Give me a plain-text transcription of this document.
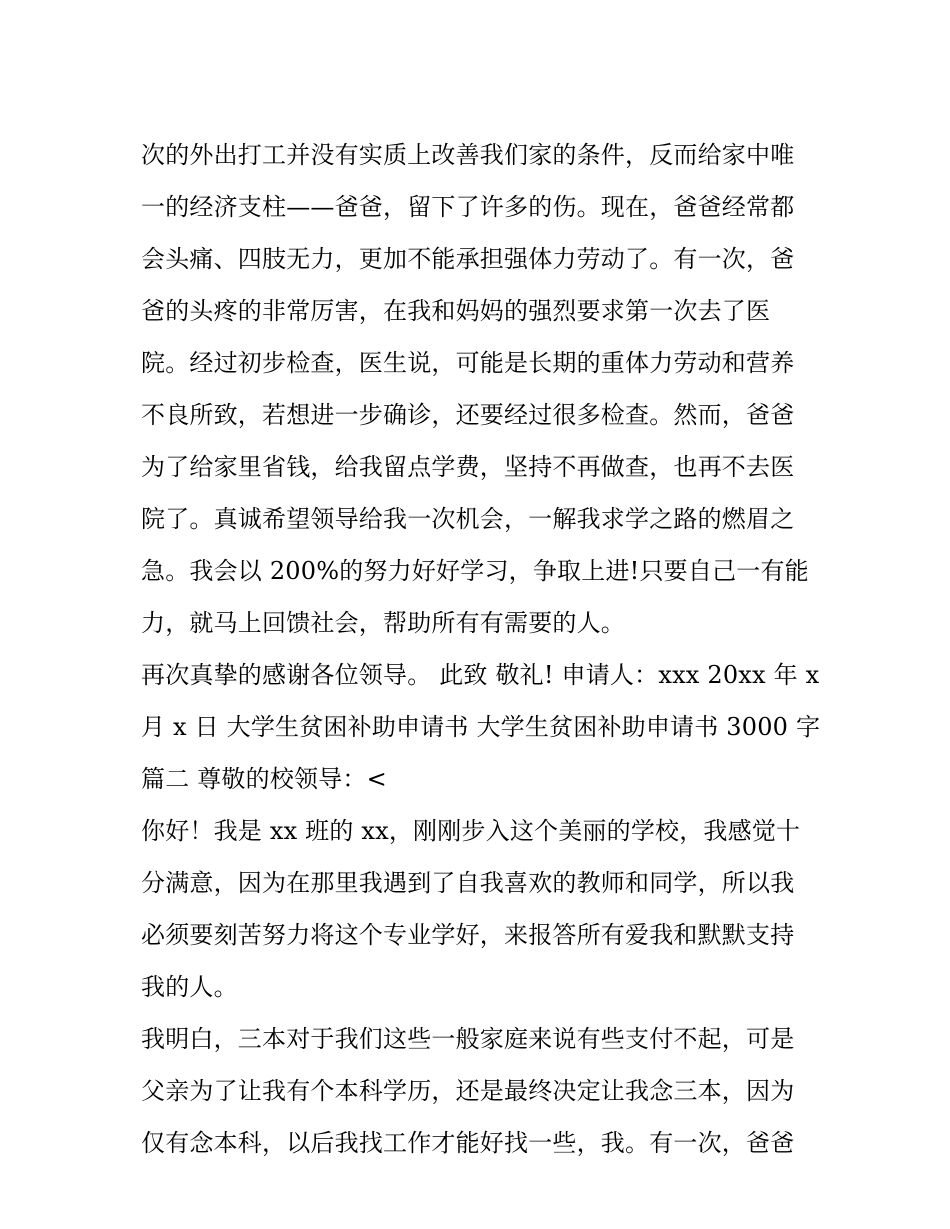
次的外出打工并没有实质上改善我们家的条件，反而给家中唯
一的经济支柱——爸爸，留下了许多的伤。现在，爸爸经常都
会头痛、四肢无力，更加不能承担强体力劳动了。有一次，爸
爸的头疼的非常厉害，在我和妈妈的强烈要求第一次去了医
院。经过初步检查，医生说，可能是长期的重体力劳动和营养
不良所致，若想进一步确诊，还要经过很多检查。然而，爸爸
为了给家里省钱，给我留点学费，坚持不再做查，也再不去医
院了。真诚希望领导给我一次机会，一解我求学之路的燃眉之
急。我会以 200%的努力好好学习，争取上进!只要自己一有能
力，就马上回馈社会，帮助所有有需要的人。
再次真挚的感谢各位领导。 此致 敬礼! 申请人：xxx 20xx 年 x
月 x 日 大学生贫困补助申请书 大学生贫困补助申请书 3000 字
篇二 尊敬的校领导：<
你好！我是 xx 班的 xx，刚刚步入这个美丽的学校，我感觉十
分满意，因为在那里我遇到了自我喜欢的教师和同学，所以我
必须要刻苦努力将这个专业学好，来报答所有爱我和默默支持
我的人。
我明白，三本对于我们这些一般家庭来说有些支付不起，可是
父亲为了让我有个本科学历，还是最终决定让我念三本，因为
仅有念本科，以后我找工作才能好找一些，我。有一次，爸爸
